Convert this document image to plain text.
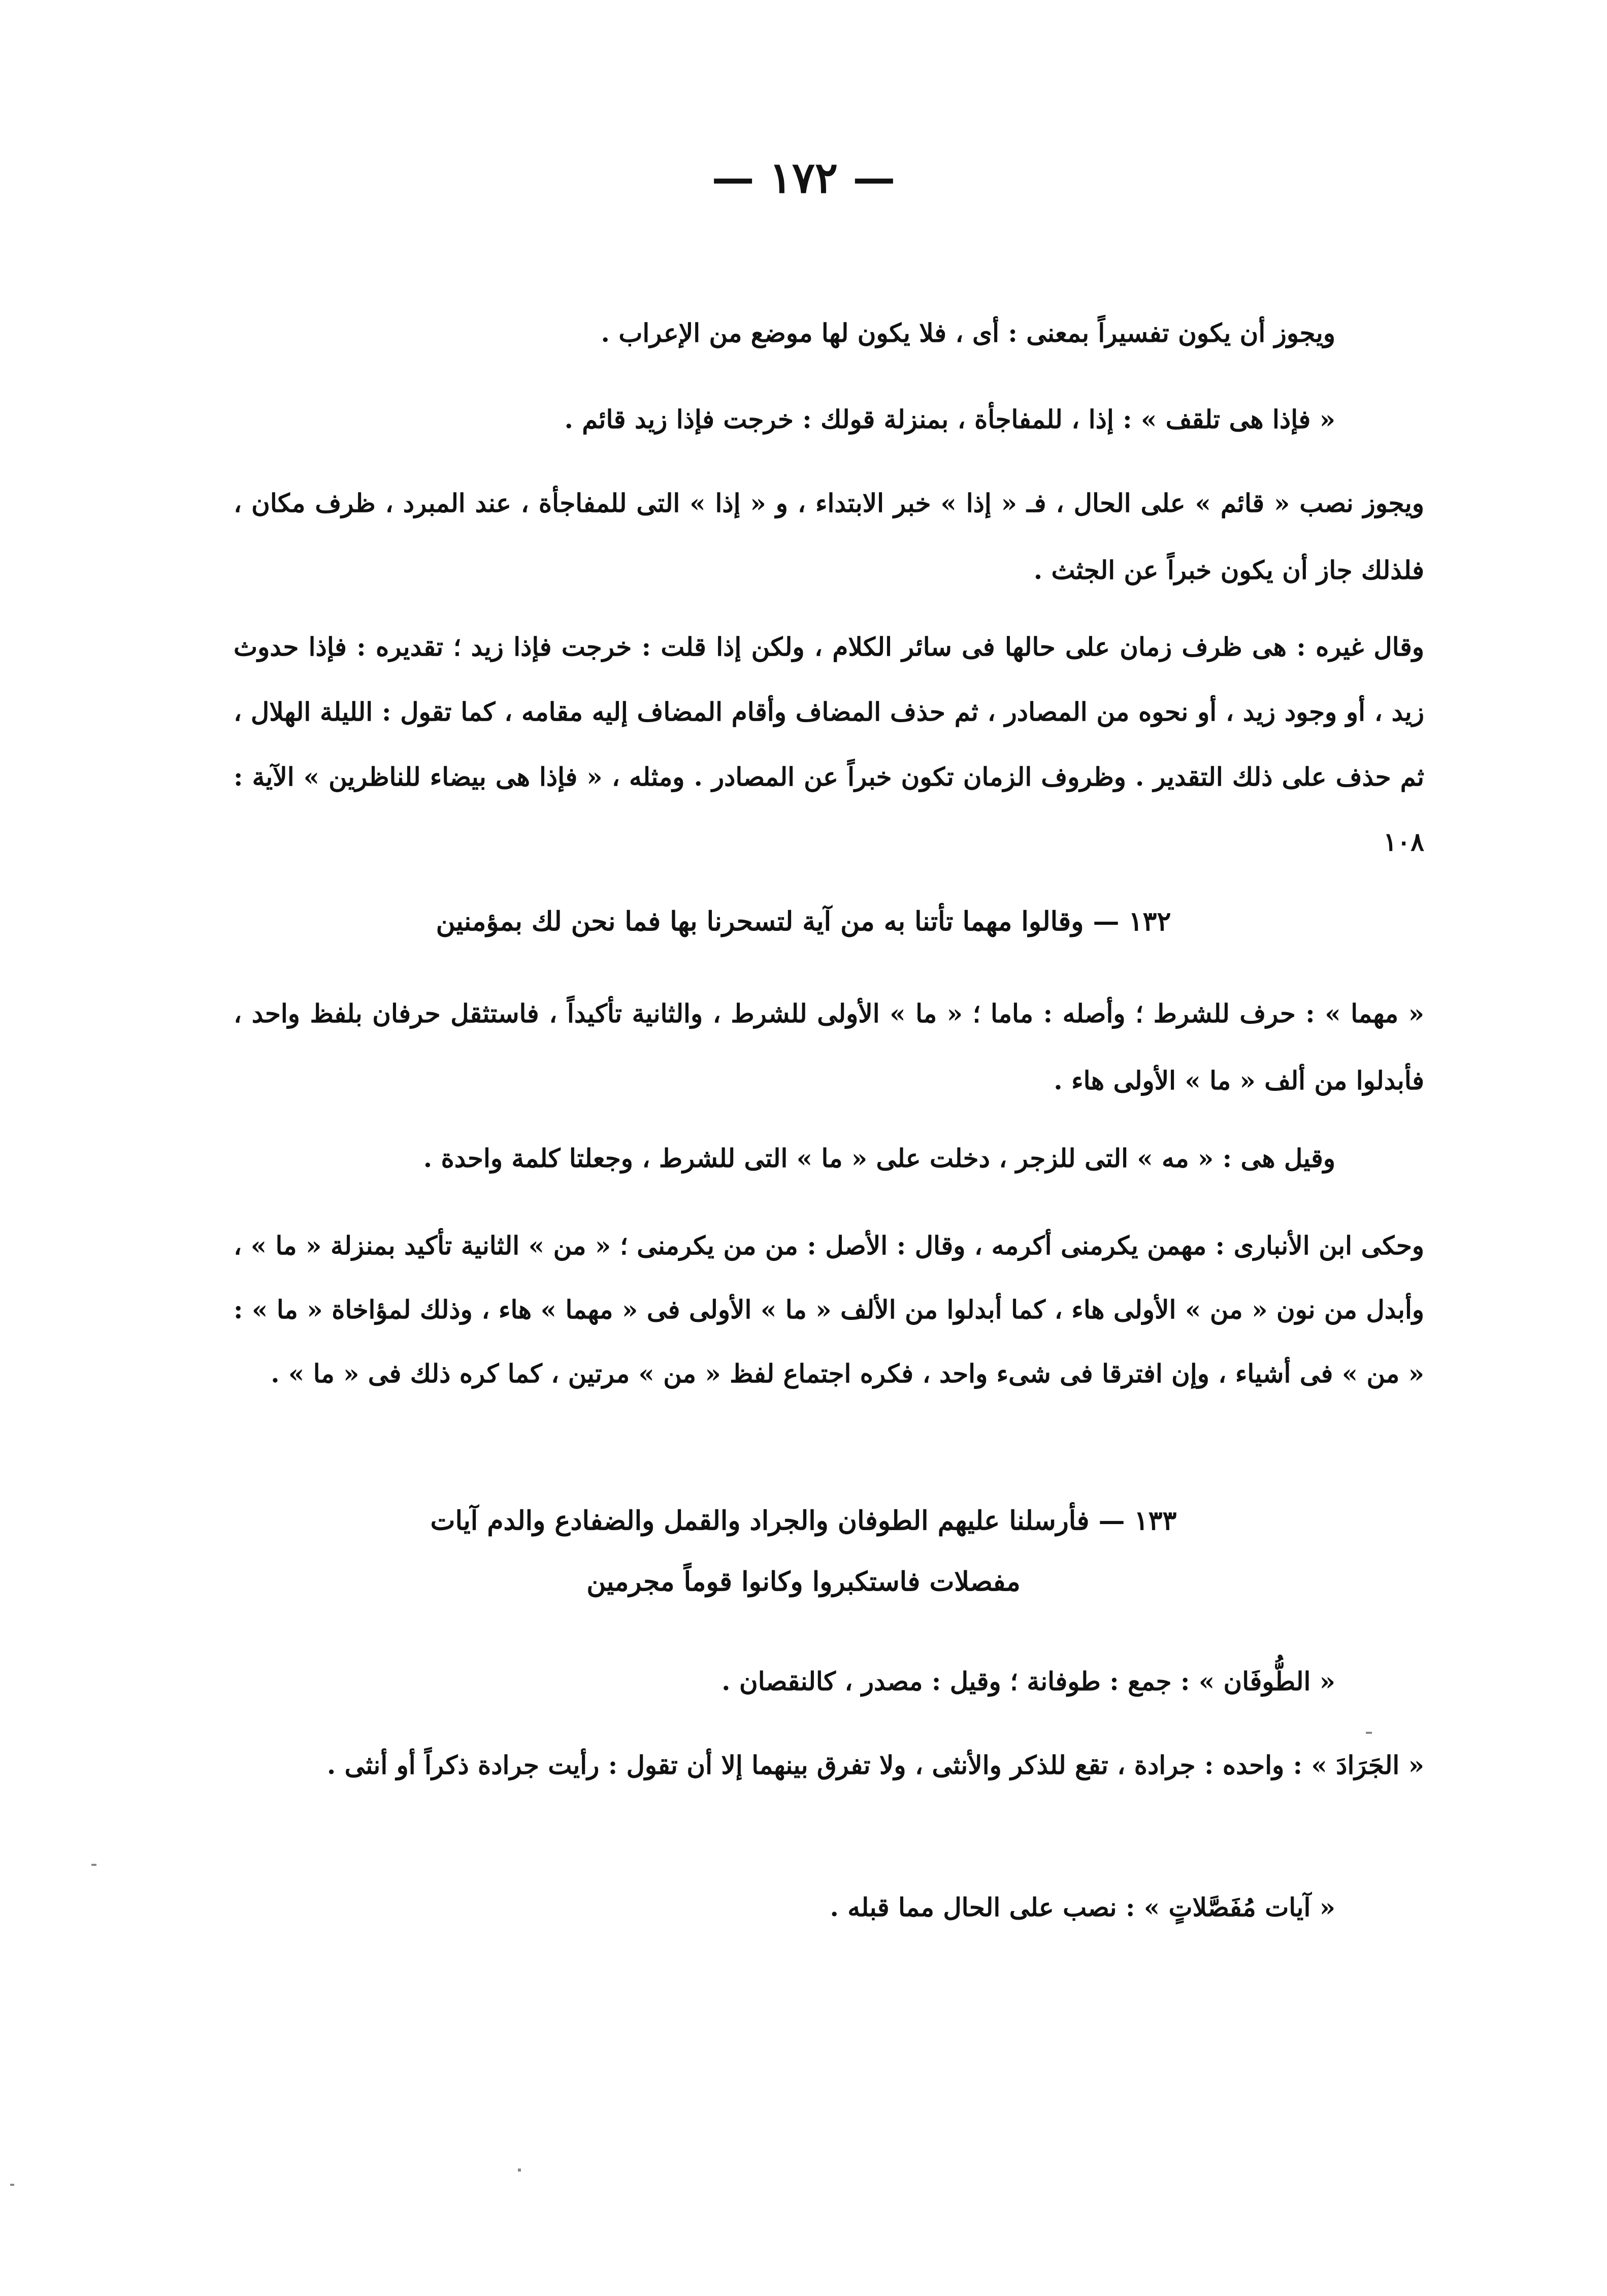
— ١٧٢ —
ويجوز أن يكون تفسيراً بمعنى : أى ، فلا يكون لها موضع من الإعراب .
« فإذا هى تلقف » : إذا ، للمفاجأة ، بمنزلة قولك : خرجت فإذا زيد قائم .
ويجوز نصب « قائم » على الحال ، فـ « إذا » خبر الابتداء ، و « إذا » التى للمفاجأة ، عند المبرد ، ظرف مكان ، فلذلك جاز أن يكون خبراً عن الجثث .
وقال غيره : هى ظرف زمان على حالها فى سائر الكلام ، ولكن إذا قلت : خرجت فإذا زيد ؛ تقديره : فإذا حدوث زيد ، أو وجود زيد ، أو نحوه من المصادر ، ثم حذف المضاف وأقام المضاف إليه مقامه ، كما تقول : الليلة الهلال ، ثم حذف على ذلك التقدير . وظروف الزمان تكون خبراً عن المصادر . ومثله ، « فإذا هى بيضاء للناظرين » الآية : ١٠٨
١٣٢ — وقالوا مهما تأتنا به من آية لتسحرنا بها فما نحن لك بمؤمنين
« مهما » : حرف للشرط ؛ وأصله : ماما ؛ « ما » الأولى للشرط ، والثانية تأكيداً ، فاستثقل حرفان بلفظ واحد ، فأبدلوا من ألف « ما » الأولى هاء .
وقيل هى : « مه » التى للزجر ، دخلت على « ما » التى للشرط ، وجعلتا كلمة واحدة .
وحكى ابن الأنبارى : مهمن يكرمنى أكرمه ، وقال : الأصل : من من يكرمنى ؛ « من » الثانية تأكيد بمنزلة « ما » ، وأبدل من نون « من » الأولى هاء ، كما أبدلوا من الألف « ما » الأولى فى « مهما » هاء ، وذلك لمؤاخاة « ما » : « من » فى أشياء ، وإن افترقا فى شىء واحد ، فكره اجتماع لفظ « من » مرتين ، كما كره ذلك فى « ما » .
١٣٣ — فأرسلنا عليهم الطوفان والجراد والقمل والضفادع والدم آيات
مفصلات فاستكبروا وكانوا قوماً مجرمين
« الطُّوفَان » : جمع : طوفانة ؛ وقيل : مصدر ، كالنقصان .
« الجَرَادَ » : واحده : جرادة ، تقع للذكر والأنثى ، ولا تفرق بينهما إلا أن تقول : رأيت جرادة ذكراً أو أنثى .
« آيات مُفَصَّلاتٍ » : نصب على الحال مما قبله .
